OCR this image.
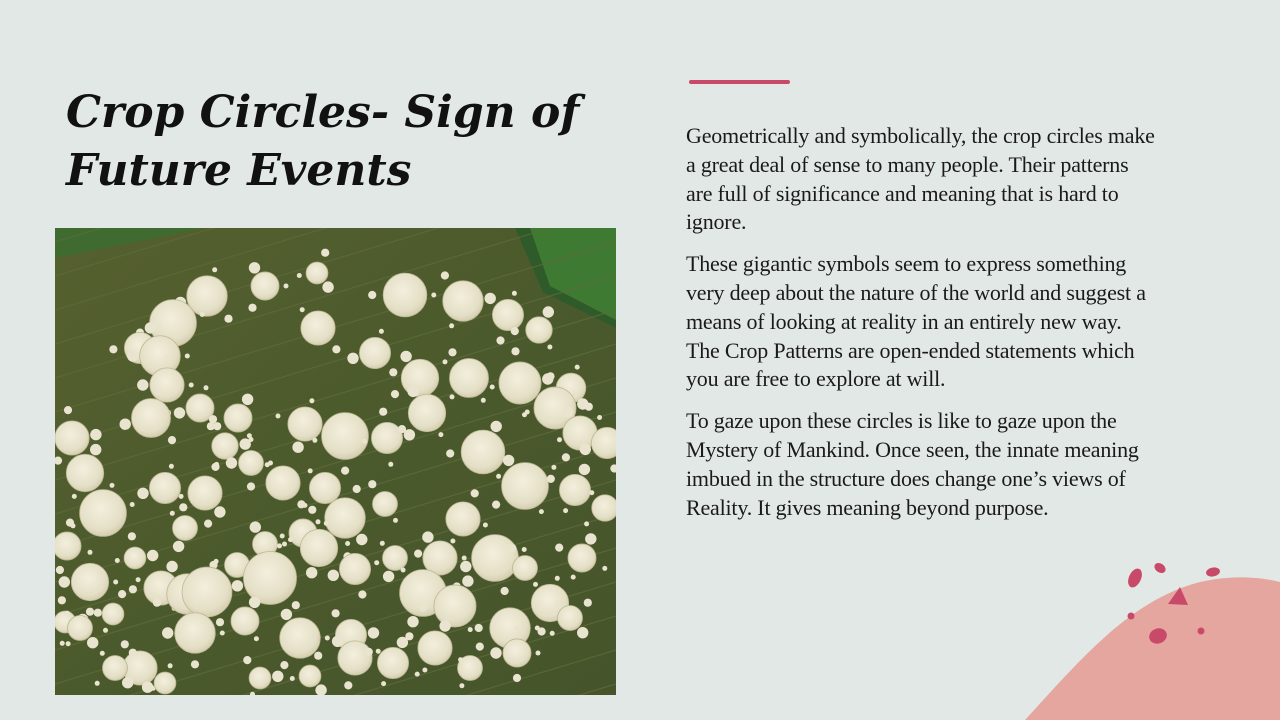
Crop Circles- Sign of Future Events

Geometrically and symbolically, the crop circles make a great deal of sense to many people. Their patterns are full of significance and meaning that is hard to ignore.

These gigantic symbols seem to express something very deep about the nature of the world and suggest a means of looking at reality in an entirely new way. The Crop Patterns are open-ended statements which you are free to explore at will.

To gaze upon these circles is like to gaze upon the Mystery of Mankind. Once seen, the innate meaning imbued in the structure does change one’s views of Reality. It gives meaning beyond purpose.
